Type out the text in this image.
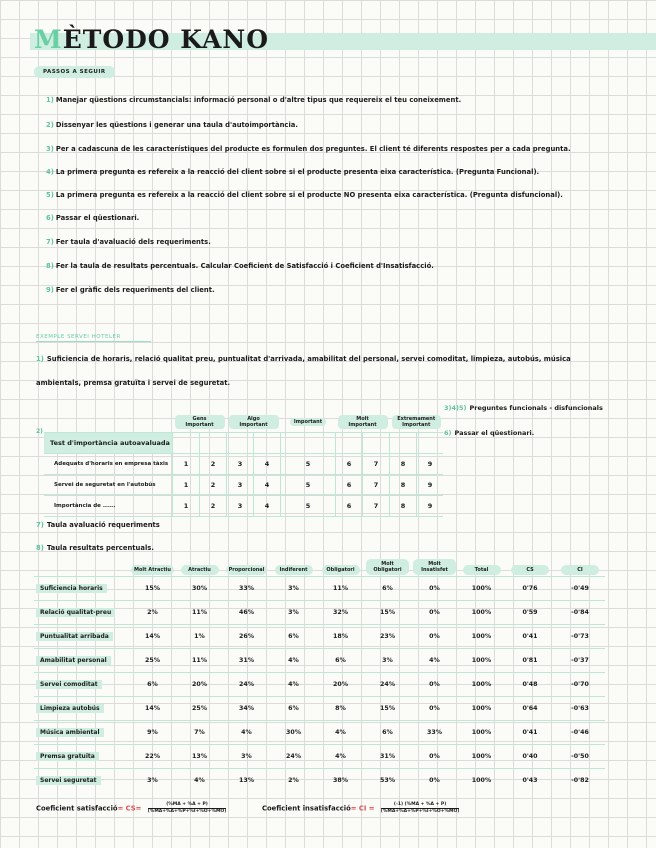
MÈTODO KANO
PASSOS A SEGUIR
1) Manejar qüestions circumstancials: informació personal o d'altre tipus que requereix el teu coneixement.
2) Dissenyar les qüestions i generar una taula d'autoimportància.
3) Per a cadascuna de les característiques del producte es formulen dos preguntes. El client té diferents respostes per a cada pregunta.
4) La primera pregunta es refereix a la reacció del client sobre si el producte presenta eixa característica. (Pregunta Funcional).
5) La primera pregunta es refereix a la reacció del client sobre si el producte NO presenta eixa característica. (Pregunta disfuncional).
6) Passar el qüestionari.
7) Fer taula d'avaluació dels requeriments.
8) Fer la taula de resultats percentuals. Calcular Coeficient de Satisfacció i Coeficient d'Insatisfacció.
9) Fer el gràfic dels requeriments del client.
EXEMPLE SERVEI HOTELER
1) Suficiencia de horaris, relació qualitat preu, puntualitat d'arrivada, amabilitat del personal, servei comoditat, limpieza, autobús, música
ambientals, premsa gratuïta i servei de seguretat.
3)4)5) Preguntes funcionals - disfuncionals
6) Passar el qüestionari.
2)
	Gens Important		Algo Important		Important	Molt Important		Extremament Important	
Test d'importància autoavaluada									
Adequats d'horaris en empresa tàxis	1	2	3	4	5	6	7	8	9
Servei de seguretat en l'autobús	1	2	3	4	5	6	7	8	9
Importància de ......	1	2	3	4	5	6	7	8	9
7) Taula avaluació requeriments
8) Taula resultats percentuals.
	Molt Atractiu	Atractiu	Proporcional	Indiferent	Obligatori	Molt Obligatori	Molt Insatisfet	Total	CS	CI
Suficiencia horaris	15%	30%	33%	3%	11%	6%	0%	100%	0'76	-0'49
Relació qualitat-preu	2%	11%	46%	3%	32%	15%	0%	100%	0'59	-0'84
Puntualitat arribada	14%	1%	26%	6%	18%	23%	0%	100%	0'41	-0'73
Amabilitat personal	25%	11%	31%	4%	6%	3%	4%	100%	0'81	-0'37
Servei comoditat	6%	20%	24%	4%	20%	24%	0%	100%	0'48	-0'70
Limpieza autobús	14%	25%	34%	6%	8%	15%	0%	100%	0'64	-0'63
Música ambiental	9%	7%	4%	30%	4%	6%	33%	100%	0'41	-0'46
Premsa gratuïta	22%	13%	3%	24%	4%	31%	0%	100%	0'40	-0'50
Servei seguretat	3%	4%	13%	2%	38%	53%	0%	100%	0'43	-0'82
Coeficient satisfacció= $CS= \frac{(\%MA + \%A + P)}{(\%MA+\%A+\%P+\%I+\%O+\%MO)}$	Coeficient insatisfacció= CI = $\frac{(-1) (\%MA + \%A + P)}{(\%MA+\%A+\%P+\%I+\%O+\%MO)}$
